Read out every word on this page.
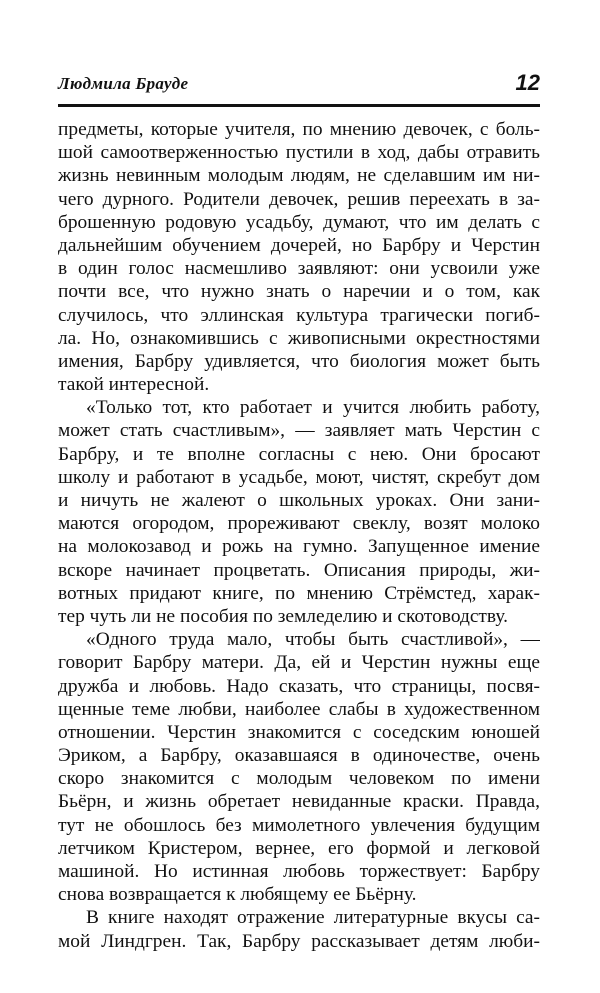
Людмила Брауде	12
предметы, которые учителя, по мнению девочек, с боль-
шой самоотверженностью пустили в ход, дабы отравить
жизнь невинным молодым людям, не сделавшим им ни-
чего дурного. Родители девочек, решив переехать в за-
брошенную родовую усадьбу, думают, что им делать с
дальнейшим обучением дочерей, но Барбру и Черстин
в один голос насмешливо заявляют: они усвоили уже
почти все, что нужно знать о наречии и о том, как
случилось, что эллинская культура трагически погиб-
ла. Но, ознакомившись с живописными окрестностями
имения, Барбру удивляется, что биология может быть
такой интересной.
«Только тот, кто работает и учится любить работу,
может стать счастливым», — заявляет мать Черстин с
Барбру, и те вполне согласны с нею. Они бросают
школу и работают в усадьбе, моют, чистят, скребут дом
и ничуть не жалеют о школьных уроках. Они зани-
маются огородом, прореживают свеклу, возят молоко
на молокозавод и рожь на гумно. Запущенное имение
вскоре начинает процветать. Описания природы, жи-
вотных придают книге, по мнению Стрёмстед, харак-
тер чуть ли не пособия по земледелию и скотоводству.
«Одного труда мало, чтобы быть счастливой», —
говорит Барбру матери. Да, ей и Черстин нужны еще
дружба и любовь. Надо сказать, что страницы, посвя-
щенные теме любви, наиболее слабы в художественном
отношении. Черстин знакомится с соседским юношей
Эриком, а Барбру, оказавшаяся в одиночестве, очень
скоро знакомится с молодым человеком по имени
Бьёрн, и жизнь обретает невиданные краски. Правда,
тут не обошлось без мимолетного увлечения будущим
летчиком Кристером, вернее, его формой и легковой
машиной. Но истинная любовь торжествует: Барбру
снова возвращается к любящему ее Бьёрну.
В книге находят отражение литературные вкусы са-
мой Линдгрен. Так, Барбру рассказывает детям люби-
